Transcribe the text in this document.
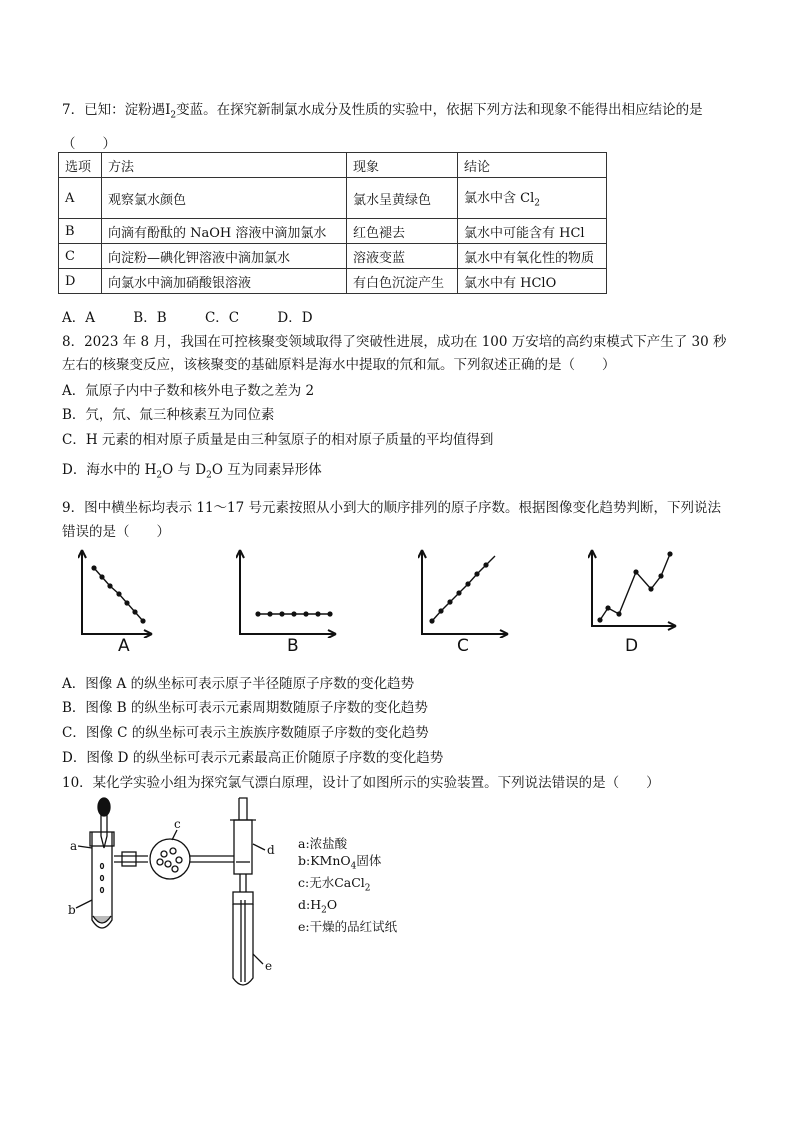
7．已知：淀粉遇$I_2$变蓝。在探究新制氯水成分及性质的实验中，依据下列方法和现象不能得出相应结论的是
（　　）
选项	方法	现象	结论
A	观察氯水颜色	氯水呈黄绿色	氯水中含 $Cl_2$
B	向滴有酚酞的 NaOH 溶液中滴加氯水	红色褪去	氯水中可能含有 HCl
C	向淀粉—碘化钾溶液中滴加氯水	溶液变蓝	氯水中有氧化性的物质
D	向氯水中滴加硝酸银溶液	有白色沉淀产生	氯水中有 HClO
A．A	B．B	C．C	D．D
8．2023 年 8 月，我国在可控核聚变领域取得了突破性进展，成功在 100 万安培的高约束模式下产生了 30 秒
左右的核聚变反应，该核聚变的基础原料是海水中提取的氘和氚。下列叙述正确的是（　　）
A．氚原子内中子数和核外电子数之差为 2
B．氕，氘、氚三种核素互为同位素
C．H 元素的相对原子质量是由三种氢原子的相对原子质量的平均值得到
D．海水中的 $H_2O$ 与 $D_2O$ 互为同素异形体
9．图中横坐标均表示 11～17 号元素按照从小到大的顺序排列的原子序数。根据图像变化趋势判断，下列说法
错误的是（　　）
A	B	C	D
A．图像 A 的纵坐标可表示原子半径随原子序数的变化趋势
B．图像 B 的纵坐标可表示元素周期数随原子序数的变化趋势
C．图像 C 的纵坐标可表示主族族序数随原子序数的变化趋势
D．图像 D 的纵坐标可表示元素最高正价随原子序数的变化趋势
10．某化学实验小组为探究氯气漂白原理，设计了如图所示的实验装置。下列说法错误的是（　　）
a
b
c
d
e
a:浓盐酸
b:KMnO$_4$固体
c:无水CaCl$_2$
$d:H_2O$
e:干燥的品红试纸
